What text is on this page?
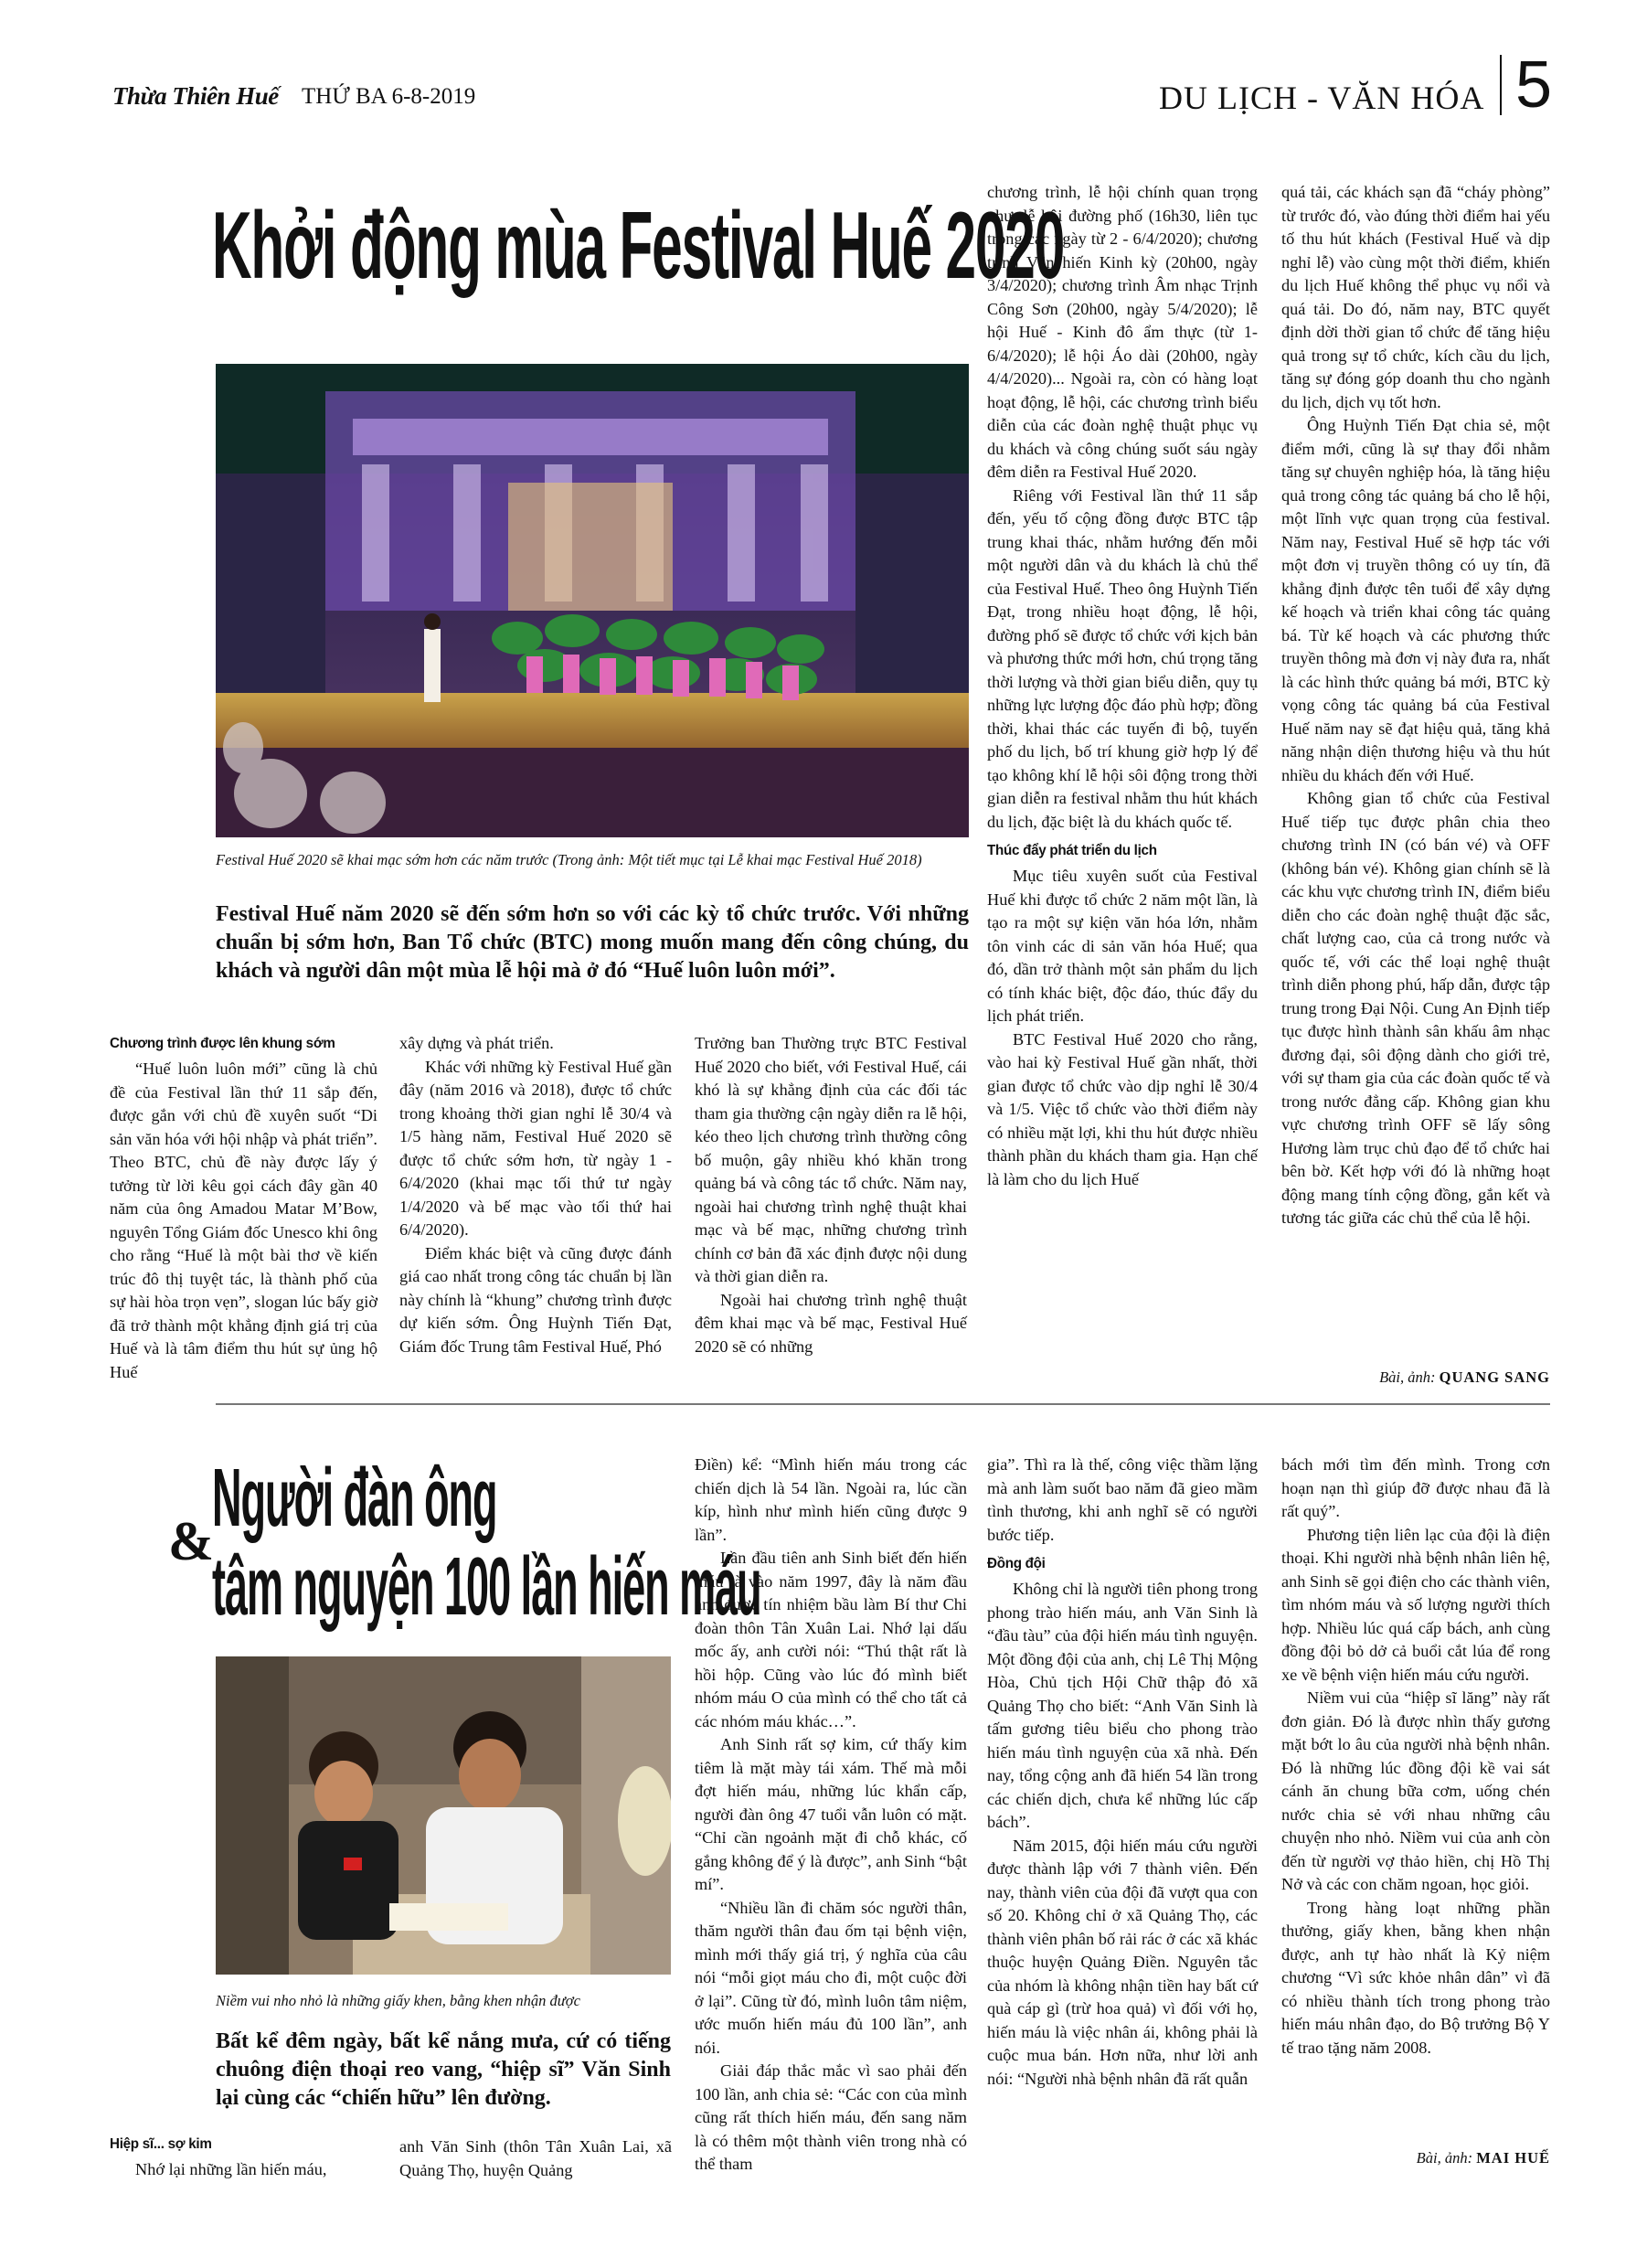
Thừa Thiên Huế THỨ BA 6-8-2019	DU LỊCH - VĂN HÓA 5
Khởi động mùa Festival Huế 2020
Festival Huế 2020 sẽ khai mạc sớm hơn các năm trước (Trong ảnh: Một tiết mục tại Lễ khai mạc Festival Huế 2018)
Festival Huế năm 2020 sẽ đến sớm hơn so với các kỳ tổ chức trước. Với những chuẩn bị sớm hơn, Ban Tổ chức (BTC) mong muốn mang đến công chúng, du khách và người dân một mùa lễ hội mà ở đó “Huế luôn luôn mới”.

Chương trình được lên khung sớm

“Huế luôn luôn mới” cũng là chủ đề của Festival lần thứ 11 sắp đến, được gắn với chủ đề xuyên suốt “Di sản văn hóa với hội nhập và phát triển”. Theo BTC, chủ đề này được lấy ý tưởng từ lời kêu gọi cách đây gần 40 năm của ông Amadou Matar M’Bow, nguyên Tổng Giám đốc Unesco khi ông cho rằng “Huế là một bài thơ về kiến trúc đô thị tuyệt tác, là thành phố của sự hài hòa trọn vẹn”, slogan lúc bấy giờ đã trở thành một khẳng định giá trị của Huế và là tâm điểm thu hút sự ủng hộ Huế

xây dựng và phát triển.

Khác với những kỳ Festival Huế gần đây (năm 2016 và 2018), được tổ chức trong khoảng thời gian nghỉ lễ 30/4 và 1/5 hàng năm, Festival Huế 2020 sẽ được tổ chức sớm hơn, từ ngày 1 - 6/4/2020 (khai mạc tối thứ tư ngày 1/4/2020 và bế mạc vào tối thứ hai 6/4/2020).

Điểm khác biệt và cũng được đánh giá cao nhất trong công tác chuẩn bị lần này chính là “khung” chương trình được dự kiến sớm. Ông Huỳnh Tiến Đạt, Giám đốc Trung tâm Festival Huế, Phó

Trưởng ban Thường trực BTC Festival Huế 2020 cho biết, với Festival Huế, cái khó là sự khẳng định của các đối tác tham gia thường cận ngày diễn ra lễ hội, kéo theo lịch chương trình thường công bố muộn, gây nhiều khó khăn trong quảng bá và công tác tổ chức. Năm nay, ngoài hai chương trình nghệ thuật khai mạc và bế mạc, những chương trình chính cơ bản đã xác định được nội dung và thời gian diễn ra.

Ngoài hai chương trình nghệ thuật đêm khai mạc và bế mạc, Festival Huế 2020 sẽ có những

chương trình, lễ hội chính quan trọng như, lễ hội đường phố (16h30, liên tục trong các ngày từ 2 - 6/4/2020); chương trình Văn hiến Kinh kỳ (20h00, ngày 3/4/2020); chương trình Âm nhạc Trịnh Công Sơn (20h00, ngày 5/4/2020); lễ hội Huế - Kinh đô ẩm thực (từ 1- 6/4/2020); lễ hội Áo dài (20h00, ngày 4/4/2020)... Ngoài ra, còn có hàng loạt hoạt động, lễ hội, các chương trình biểu diễn của các đoàn nghệ thuật phục vụ du khách và công chúng suốt sáu ngày đêm diễn ra Festival Huế 2020.

Riêng với Festival lần thứ 11 sắp đến, yếu tố cộng đồng được BTC tập trung khai thác, nhằm hướng đến mỗi một người dân và du khách là chủ thể của Festival Huế. Theo ông Huỳnh Tiến Đạt, trong nhiều hoạt động, lễ hội, đường phố sẽ được tổ chức với kịch bản và phương thức mới hơn, chú trọng tăng thời lượng và thời gian biểu diễn, quy tụ những lực lượng độc đáo phù hợp; đồng thời, khai thác các tuyến đi bộ, tuyến phố du lịch, bố trí khung giờ hợp lý để tạo không khí lễ hội sôi động trong thời gian diễn ra festival nhằm thu hút khách du lịch, đặc biệt là du khách quốc tế.

Thúc đẩy phát triển du lịch

Mục tiêu xuyên suốt của Festival Huế khi được tổ chức 2 năm một lần, là tạo ra một sự kiện văn hóa lớn, nhằm tôn vinh các di sản văn hóa Huế; qua đó, dần trở thành một sản phẩm du lịch có tính khác biệt, độc đáo, thúc đẩy du lịch phát triển.

BTC Festival Huế 2020 cho rằng, vào hai kỳ Festival Huế gần nhất, thời gian được tổ chức vào dịp nghỉ lễ 30/4 và 1/5. Việc tổ chức vào thời điểm này có nhiều mặt lợi, khi thu hút được nhiều thành phần du khách tham gia. Hạn chế là làm cho du lịch Huế

quá tải, các khách sạn đã “cháy phòng” từ trước đó, vào đúng thời điểm hai yếu tố thu hút khách (Festival Huế và dịp nghỉ lễ) vào cùng một thời điểm, khiến du lịch Huế không thể phục vụ nổi và quá tải. Do đó, năm nay, BTC quyết định dời thời gian tổ chức để tăng hiệu quả trong sự tổ chức, kích cầu du lịch, tăng sự đóng góp doanh thu cho ngành du lịch, dịch vụ tốt hơn.

Ông Huỳnh Tiến Đạt chia sẻ, một điểm mới, cũng là sự thay đổi nhằm tăng sự chuyên nghiệp hóa, là tăng hiệu quả trong công tác quảng bá cho lễ hội, một lĩnh vực quan trọng của festival. Năm nay, Festival Huế sẽ hợp tác với một đơn vị truyền thông có uy tín, đã khẳng định được tên tuổi để xây dựng kế hoạch và triển khai công tác quảng bá. Từ kế hoạch và các phương thức truyền thông mà đơn vị này đưa ra, nhất là các hình thức quảng bá mới, BTC kỳ vọng công tác quảng bá của Festival Huế năm nay sẽ đạt hiệu quả, tăng khả năng nhận diện thương hiệu và thu hút nhiều du khách đến với Huế.

Không gian tổ chức của Festival Huế tiếp tục được phân chia theo chương trình IN (có bán vé) và OFF (không bán vé). Không gian chính sẽ là các khu vực chương trình IN, điểm biểu diễn cho các đoàn nghệ thuật đặc sắc, chất lượng cao, của cả trong nước và quốc tế, với các thể loại nghệ thuật trình diễn phong phú, hấp dẫn, được tập trung trong Đại Nội. Cung An Định tiếp tục được hình thành sân khấu âm nhạc đương đại, sôi động dành cho giới trẻ, với sự tham gia của các đoàn quốc tế và trong nước đẳng cấp. Không gian khu vực chương trình OFF sẽ lấy sông Hương làm trục chủ đạo để tổ chức hai bên bờ. Kết hợp với đó là những hoạt động mang tính cộng đồng, gắn kết và tương tác giữa các chủ thể của lễ hội.

Bài, ảnh: QUANG SANG
Người đàn ông
&
tâm nguyện 100 lần hiến máu
Niềm vui nho nhỏ là những giấy khen, bằng khen nhận được
Bất kể đêm ngày, bất kể nắng mưa, cứ có tiếng chuông điện thoại reo vang, “hiệp sĩ” Văn Sinh lại cùng các “chiến hữu” lên đường.

Hiệp sĩ... sợ kim

Nhớ lại những lần hiến máu,

anh Văn Sinh (thôn Tân Xuân Lai, xã Quảng Thọ, huyện Quảng

Điền) kể: “Mình hiến máu trong các chiến dịch là 54 lần. Ngoài ra, lúc cần kíp, hình như mình hiến cũng được 9 lần”.

Lần đầu tiên anh Sinh biết đến hiến máu là vào năm 1997, đây là năm đầu anh được tín nhiệm bầu làm Bí thư Chi đoàn thôn Tân Xuân Lai. Nhớ lại dấu mốc ấy, anh cười nói: “Thú thật rất là hồi hộp. Cũng vào lúc đó mình biết nhóm máu O của mình có thể cho tất cả các nhóm máu khác…”.

Anh Sinh rất sợ kim, cứ thấy kim tiêm là mặt mày tái xám. Thế mà mỗi đợt hiến máu, những lúc khẩn cấp, người đàn ông 47 tuổi vẫn luôn có mặt. “Chỉ cần ngoảnh mặt đi chỗ khác, cố gắng không để ý là được”, anh Sinh “bật mí”.

“Nhiều lần đi chăm sóc người thân, thăm người thân đau ốm tại bệnh viện, mình mới thấy giá trị, ý nghĩa của câu nói “mỗi giọt máu cho đi, một cuộc đời ở lại”. Cũng từ đó, mình luôn tâm niệm, ước muốn hiến máu đủ 100 lần”, anh nói.

Giải đáp thắc mắc vì sao phải đến 100 lần, anh chia sẻ: “Các con của mình cũng rất thích hiến máu, đến sang năm là có thêm một thành viên trong nhà có thể tham

gia”. Thì ra là thế, công việc thầm lặng mà anh làm suốt bao năm đã gieo mầm tình thương, khi anh nghĩ sẽ có người bước tiếp.

Đồng đội

Không chỉ là người tiên phong trong phong trào hiến máu, anh Văn Sinh là “đầu tàu” của đội hiến máu tình nguyện. Một đồng đội của anh, chị Lê Thị Mộng Hòa, Chủ tịch Hội Chữ thập đỏ xã Quảng Thọ cho biết: “Anh Văn Sinh là tấm gương tiêu biểu cho phong trào hiến máu tình nguyện của xã nhà. Đến nay, tổng cộng anh đã hiến 54 lần trong các chiến dịch, chưa kể những lúc cấp bách”.

Năm 2015, đội hiến máu cứu người được thành lập với 7 thành viên. Đến nay, thành viên của đội đã vượt qua con số 20. Không chỉ ở xã Quảng Thọ, các thành viên phân bố rải rác ở các xã khác thuộc huyện Quảng Điền. Nguyên tắc của nhóm là không nhận tiền hay bất cứ quà cáp gì (trừ hoa quả) vì đối với họ, hiến máu là việc nhân ái, không phải là cuộc mua bán. Hơn nữa, như lời anh nói: “Người nhà bệnh nhân đã rất quẫn

bách mới tìm đến mình. Trong cơn hoạn nạn thì giúp đỡ được nhau đã là rất quý”.

Phương tiện liên lạc của đội là điện thoại. Khi người nhà bệnh nhân liên hệ, anh Sinh sẽ gọi điện cho các thành viên, tìm nhóm máu và số lượng người thích hợp. Nhiều lúc quá cấp bách, anh cùng đồng đội bỏ dở cả buổi cắt lúa để rong xe về bệnh viện hiến máu cứu người.

Niềm vui của “hiệp sĩ lăng” này rất đơn giản. Đó là được nhìn thấy gương mặt bớt lo âu của người nhà bệnh nhân. Đó là những lúc đồng đội kề vai sát cánh ăn chung bữa cơm, uống chén nước chia sẻ với nhau những câu chuyện nho nhỏ. Niềm vui của anh còn đến từ người vợ thảo hiền, chị Hồ Thị Nở và các con chăm ngoan, học giỏi.

Trong hàng loạt những phần thưởng, giấy khen, bằng khen nhận được, anh tự hào nhất là Kỷ niệm chương “Vì sức khỏe nhân dân” vì đã có nhiều thành tích trong phong trào hiến máu nhân đạo, do Bộ trưởng Bộ Y tế trao tặng năm 2008.

Bài, ảnh: MAI HUẾ
